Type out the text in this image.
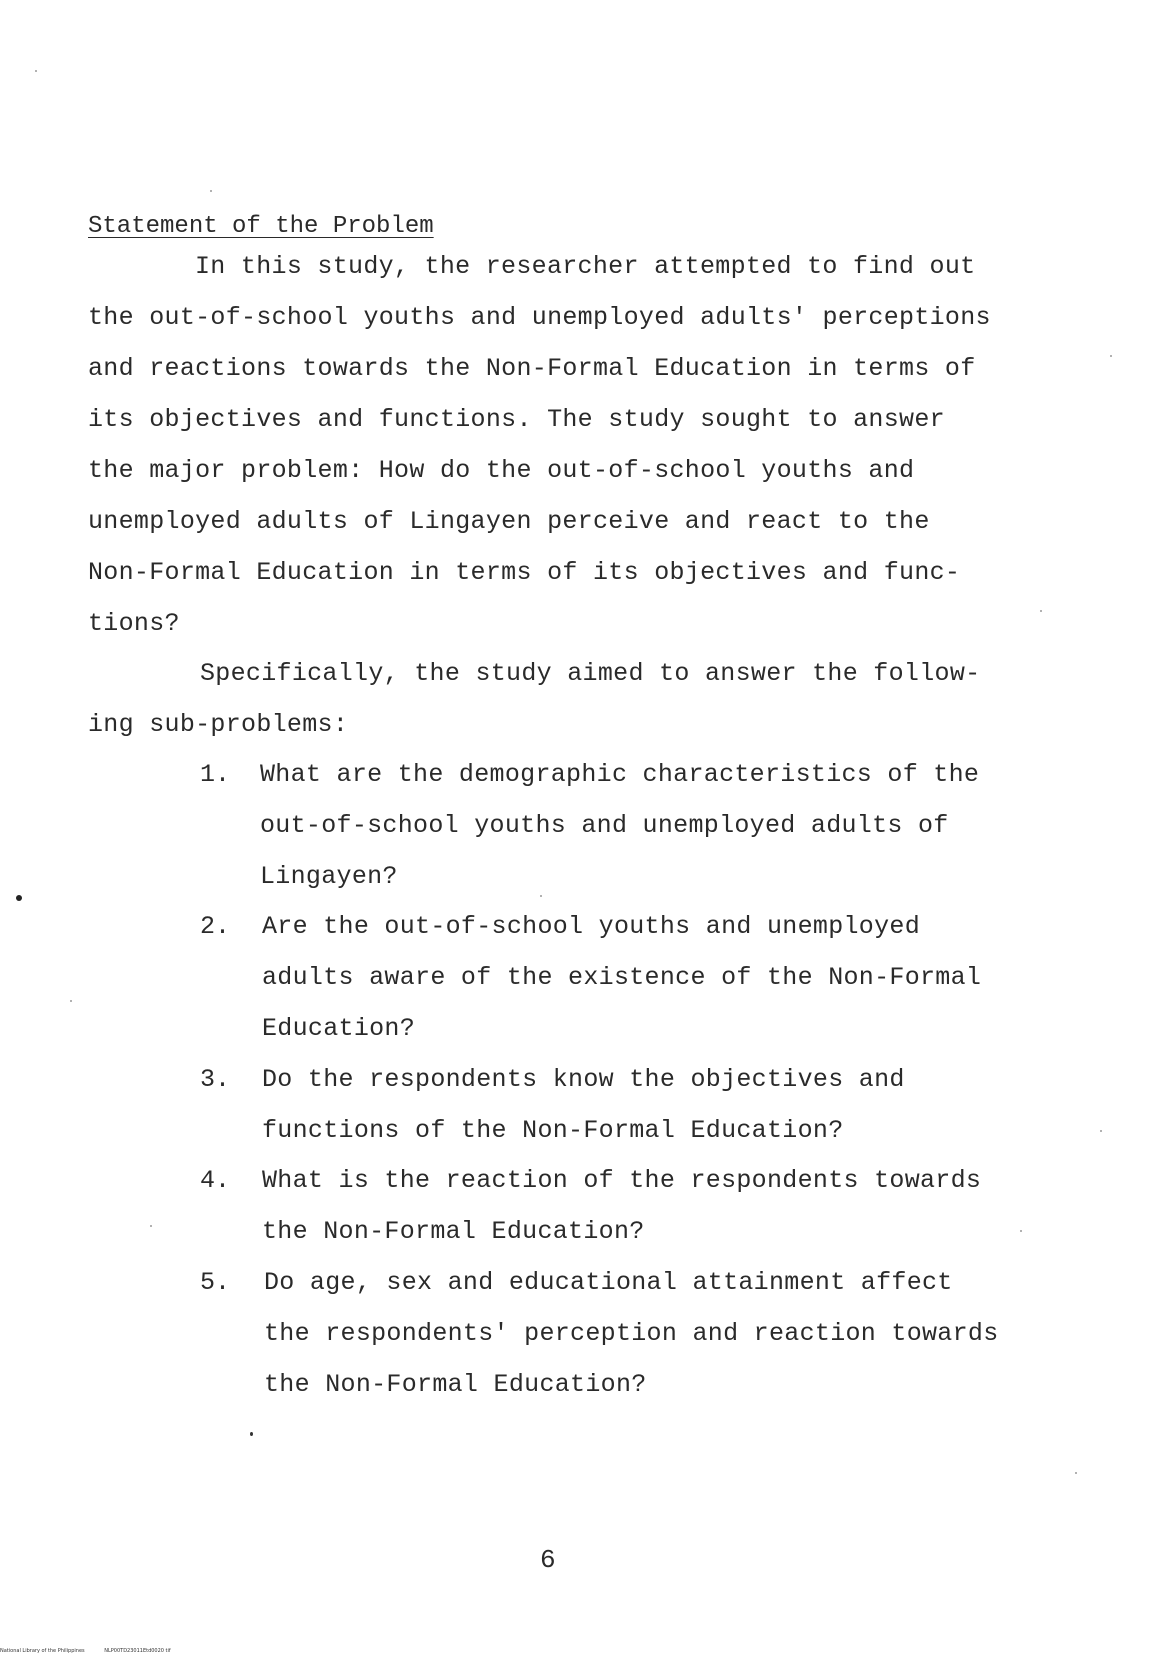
Statement of the Problem
In this study, the researcher attempted to find out
the out-of-school youths and unemployed adults' perceptions
and reactions towards the Non-Formal Education in terms of
its objectives and functions. The study sought to answer
the major problem: How do the out-of-school youths and
unemployed adults of Lingayen perceive and react to the
Non-Formal Education in terms of its objectives and func-
tions?
Specifically, the study aimed to answer the follow-
ing sub-problems:
1. What are the demographic characteristics of the
out-of-school youths and unemployed adults of
Lingayen?
2. Are the out-of-school youths and unemployed
adults aware of the existence of the Non-Formal
Education?
3. Do the respondents know the objectives and
functions of the Non-Formal Education?
4. What is the reaction of the respondents towards
the Non-Formal Education?
5. Do age, sex and educational attainment affect
the respondents' perception and reaction towards
the Non-Formal Education?
6
National Library of the Philippines	NLP00TD23011Etd0020 tif
